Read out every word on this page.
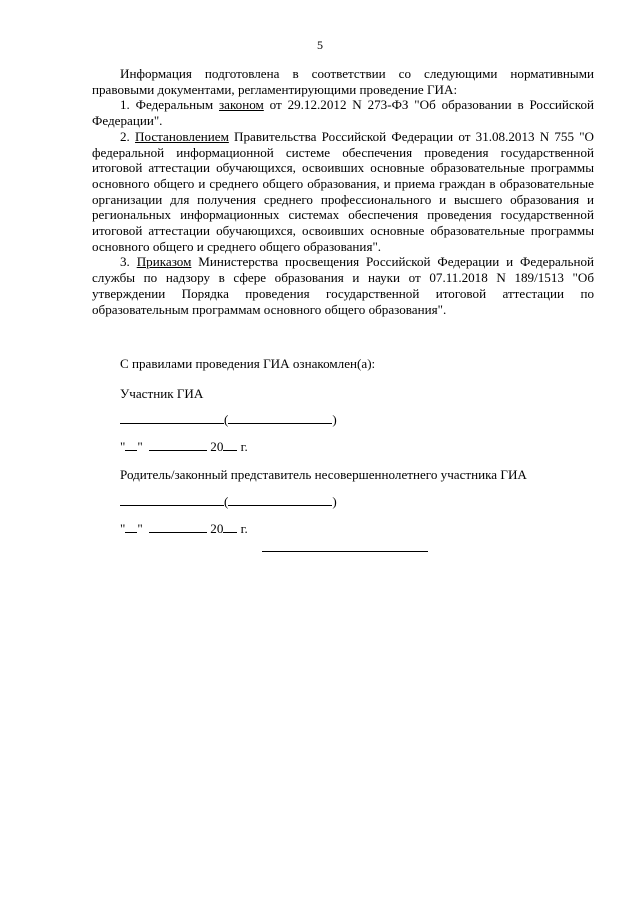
5

Информация подготовлена в соответствии со следующими нормативными правовыми документами, регламентирующими проведение ГИА:

1. Федеральным законом от 29.12.2012 N 273-ФЗ "Об образовании в Российской Федерации".

2. Постановлением Правительства Российской Федерации от 31.08.2013 N 755 "О федеральной информационной системе обеспечения проведения государственной итоговой аттестации обучающихся, освоивших основные образовательные программы основного общего и среднего общего образования, и приема граждан в образовательные организации для получения среднего профессионального и высшего образования и региональных информационных системах обеспечения проведения государственной итоговой аттестации обучающихся, освоивших основные образовательные программы основного общего и среднего общего образования".

3. Приказом Министерства просвещения Российской Федерации и Федеральной службы по надзору в сфере образования и науки от 07.11.2018 N 189/1513 "Об утверждении Порядка проведения государственной итоговой аттестации по образовательным программам основного общего образования".

С правилами проведения ГИА ознакомлен(а):
Участник ГИА
(	)
" "	20 г.
Родитель/законный представитель несовершеннолетнего участника ГИА
(	)
" "	20 г.
